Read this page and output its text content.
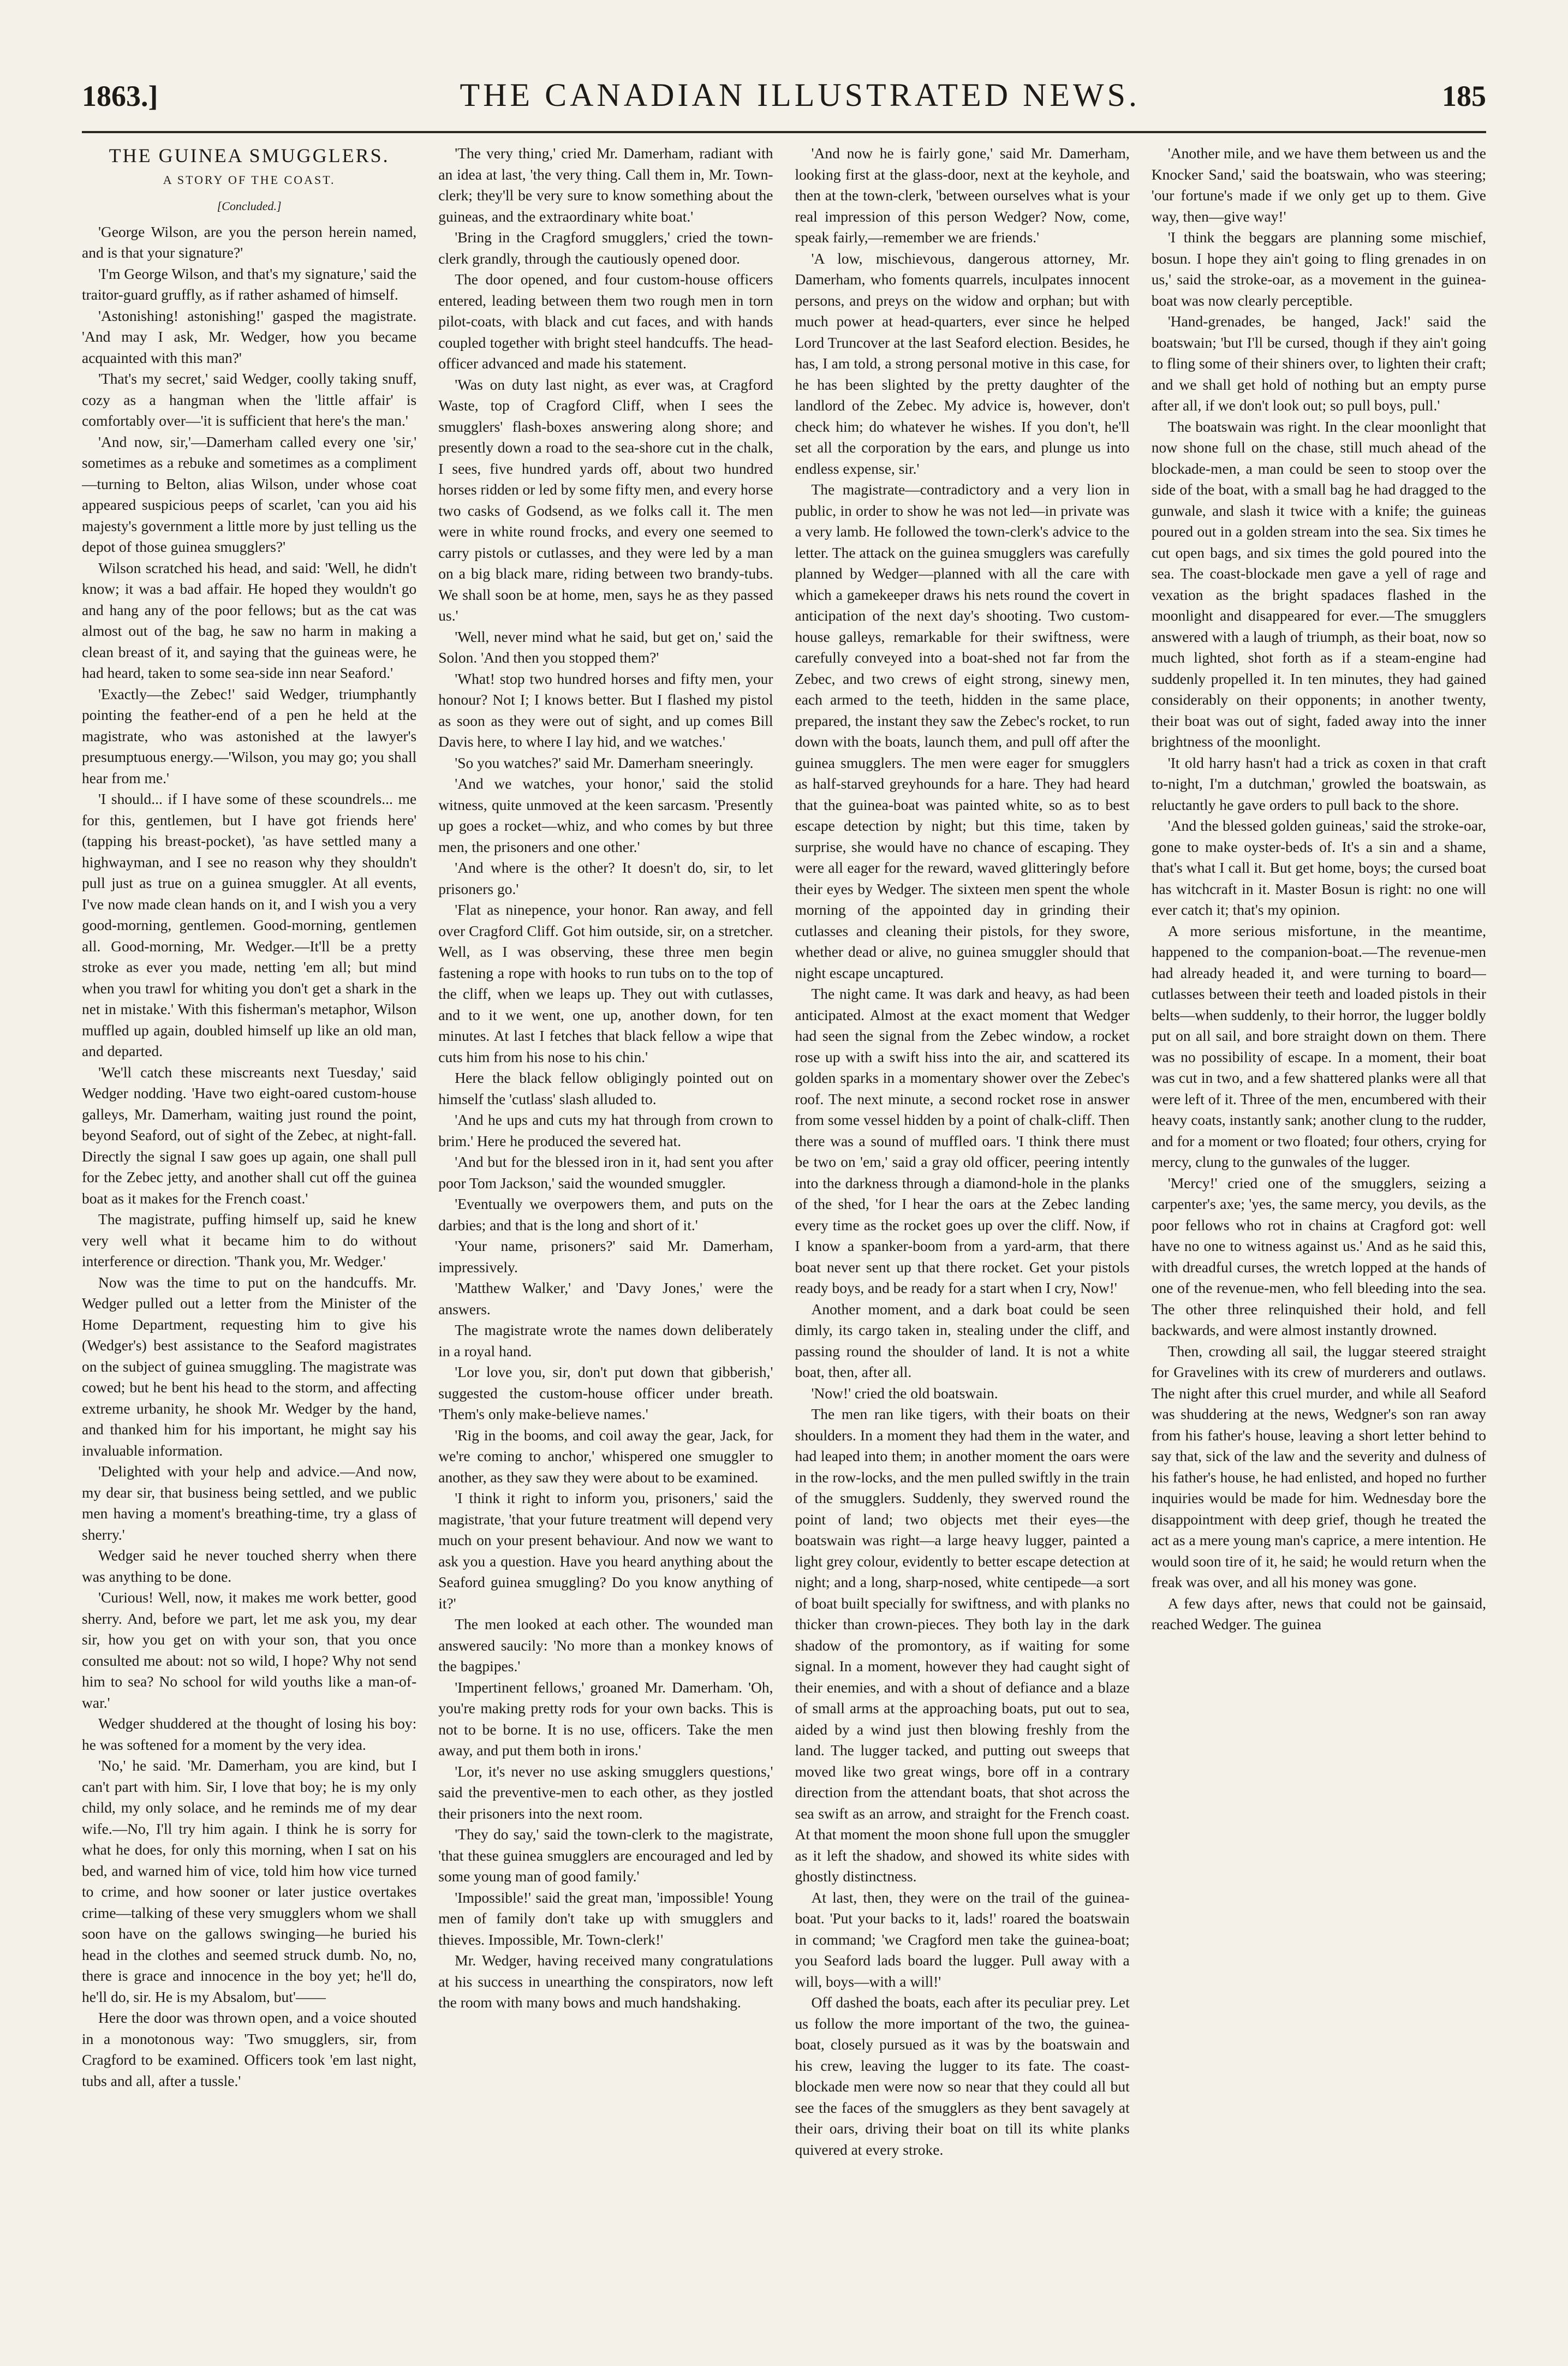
1863.]	THE CANADIAN ILLUSTRATED NEWS.	185
THE GUINEA SMUGGLERS.
A STORY OF THE COAST.
[Concluded.]

'George Wilson, are you the person herein named, and is that your signature?'

'I'm George Wilson, and that's my signature,' said the traitor-guard gruffly, as if rather ashamed of himself.

'Astonishing! astonishing!' gasped the magistrate. 'And may I ask, Mr. Wedger, how you became acquainted with this man?'

'That's my secret,' said Wedger, coolly taking snuff, cozy as a hangman when the 'little affair' is comfortably over—'it is sufficient that here's the man.'

'And now, sir,'—Damerham called every one 'sir,' sometimes as a rebuke and sometimes as a compliment—turning to Belton, alias Wilson, under whose coat appeared suspicious peeps of scarlet, 'can you aid his majesty's government a little more by just telling us the depot of those guinea smugglers?'

Wilson scratched his head, and said: 'Well, he didn't know; it was a bad affair. He hoped they wouldn't go and hang any of the poor fellows; but as the cat was almost out of the bag, he saw no harm in making a clean breast of it, and saying that the guineas were, he had heard, taken to some sea-side inn near Seaford.'

'Exactly—the Zebec!' said Wedger, triumphantly pointing the feather-end of a pen he held at the magistrate, who was astonished at the lawyer's presumptuous energy.—'Wilson, you may go; you shall hear from me.'

'I should... if I have some of these scoundrels... me for this, gentlemen, but I have got friends here' (tapping his breast-pocket), 'as have settled many a highwayman, and I see no reason why they shouldn't pull just as true on a guinea smuggler. At all events, I've now made clean hands on it, and I wish you a very good-morning, gentlemen. Good-morning, gentlemen all. Good-morning, Mr. Wedger.—It'll be a pretty stroke as ever you made, netting 'em all; but mind when you trawl for whiting you don't get a shark in the net in mistake.' With this fisherman's metaphor, Wilson muffled up again, doubled himself up like an old man, and departed.

'We'll catch these miscreants next Tuesday,' said Wedger nodding. 'Have two eight-oared custom-house galleys, Mr. Damerham, waiting just round the point, beyond Seaford, out of sight of the Zebec, at night-fall. Directly the signal I saw goes up again, one shall pull for the Zebec jetty, and another shall cut off the guinea boat as it makes for the French coast.'

The magistrate, puffing himself up, said he knew very well what it became him to do without interference or direction. 'Thank you, Mr. Wedger.'

Now was the time to put on the handcuffs. Mr. Wedger pulled out a letter from the Minister of the Home Department, requesting him to give his (Wedger's) best assistance to the Seaford magistrates on the subject of guinea smuggling. The magistrate was cowed; but he bent his head to the storm, and affecting extreme urbanity, he shook Mr. Wedger by the hand, and thanked him for his important, he might say his invaluable information.

'Delighted with your help and advice.—And now, my dear sir, that business being settled, and we public men having a moment's breathing-time, try a glass of sherry.'

Wedger said he never touched sherry when there was anything to be done.

'Curious! Well, now, it makes me work better, good sherry. And, before we part, let me ask you, my dear sir, how you get on with your son, that you once consulted me about: not so wild, I hope? Why not send him to sea? No school for wild youths like a man-of-war.'

Wedger shuddered at the thought of losing his boy: he was softened for a moment by the very idea.

'No,' he said. 'Mr. Damerham, you are kind, but I can't part with him. Sir, I love that boy; he is my only child, my only solace, and he reminds me of my dear wife.—No, I'll try him again. I think he is sorry for what he does, for only this morning, when I sat on his bed, and warned him of vice, told him how vice turned to crime, and how sooner or later justice overtakes crime—talking of these very smugglers whom we shall soon have on the gallows swinging—he buried his head in the clothes and seemed struck dumb. No, no, there is grace and innocence in the boy yet; he'll do, he'll do, sir. He is my Absalom, but'——

Here the door was thrown open, and a voice shouted in a monotonous way: 'Two smugglers, sir, from Cragford to be examined. Officers took 'em last night, tubs and all, after a tussle.'

'The very thing,' cried Mr. Damerham, radiant with an idea at last, 'the very thing. Call them in, Mr. Town-clerk; they'll be very sure to know something about the guineas, and the extraordinary white boat.'

'Bring in the Cragford smugglers,' cried the town-clerk grandly, through the cautiously opened door.

The door opened, and four custom-house officers entered, leading between them two rough men in torn pilot-coats, with black and cut faces, and with hands coupled together with bright steel handcuffs. The head-officer advanced and made his statement.

'Was on duty last night, as ever was, at Cragford Waste, top of Cragford Cliff, when I sees the smugglers' flash-boxes answering along shore; and presently down a road to the sea-shore cut in the chalk, I sees, five hundred yards off, about two hundred horses ridden or led by some fifty men, and every horse two casks of Godsend, as we folks call it. The men were in white round frocks, and every one seemed to carry pistols or cutlasses, and they were led by a man on a big black mare, riding between two brandy-tubs. We shall soon be at home, men, says he as they passed us.'

'Well, never mind what he said, but get on,' said the Solon. 'And then you stopped them?'

'What! stop two hundred horses and fifty men, your honour? Not I; I knows better. But I flashed my pistol as soon as they were out of sight, and up comes Bill Davis here, to where I lay hid, and we watches.'

'So you watches?' said Mr. Damerham sneeringly.

'And we watches, your honor,' said the stolid witness, quite unmoved at the keen sarcasm. 'Presently up goes a rocket—whiz, and who comes by but three men, the prisoners and one other.'

'And where is the other? It doesn't do, sir, to let prisoners go.'

'Flat as ninepence, your honor. Ran away, and fell over Cragford Cliff. Got him outside, sir, on a stretcher. Well, as I was observing, these three men begin fastening a rope with hooks to run tubs on to the top of the cliff, when we leaps up. They out with cutlasses, and to it we went, one up, another down, for ten minutes. At last I fetches that black fellow a wipe that cuts him from his nose to his chin.'

Here the black fellow obligingly pointed out on himself the 'cutlass' slash alluded to.

'And he ups and cuts my hat through from crown to brim.' Here he produced the severed hat.

'And but for the blessed iron in it, had sent you after poor Tom Jackson,' said the wounded smuggler.

'Eventually we overpowers them, and puts on the darbies; and that is the long and short of it.'

'Your name, prisoners?' said Mr. Damerham, impressively.

'Matthew Walker,' and 'Davy Jones,' were the answers.

The magistrate wrote the names down deliberately in a royal hand.

'Lor love you, sir, don't put down that gibberish,' suggested the custom-house officer under breath. 'Them's only make-believe names.'

'Rig in the booms, and coil away the gear, Jack, for we're coming to anchor,' whispered one smuggler to another, as they saw they were about to be examined.

'I think it right to inform you, prisoners,' said the magistrate, 'that your future treatment will depend very much on your present behaviour. And now we want to ask you a question. Have you heard anything about the Seaford guinea smuggling? Do you know anything of it?'

The men looked at each other. The wounded man answered saucily: 'No more than a monkey knows of the bagpipes.'

'Impertinent fellows,' groaned Mr. Damerham. 'Oh, you're making pretty rods for your own backs. This is not to be borne. It is no use, officers. Take the men away, and put them both in irons.'

'Lor, it's never no use asking smugglers questions,' said the preventive-men to each other, as they jostled their prisoners into the next room.

'They do say,' said the town-clerk to the magistrate, 'that these guinea smugglers are encouraged and led by some young man of good family.'

'Impossible!' said the great man, 'impossible! Young men of family don't take up with smugglers and thieves. Impossible, Mr. Town-clerk!'

Mr. Wedger, having received many congratulations at his success in unearthing the conspirators, now left the room with many bows and much handshaking.

'And now he is fairly gone,' said Mr. Damerham, looking first at the glass-door, next at the keyhole, and then at the town-clerk, 'between ourselves what is your real impression of this person Wedger? Now, come, speak fairly,—remember we are friends.'

'A low, mischievous, dangerous attorney, Mr. Damerham, who foments quarrels, inculpates innocent persons, and preys on the widow and orphan; but with much power at head-quarters, ever since he helped Lord Truncover at the last Seaford election. Besides, he has, I am told, a strong personal motive in this case, for he has been slighted by the pretty daughter of the landlord of the Zebec. My advice is, however, don't check him; do whatever he wishes. If you don't, he'll set all the corporation by the ears, and plunge us into endless expense, sir.'

The magistrate—contradictory and a very lion in public, in order to show he was not led—in private was a very lamb. He followed the town-clerk's advice to the letter. The attack on the guinea smugglers was carefully planned by Wedger—planned with all the care with which a gamekeeper draws his nets round the covert in anticipation of the next day's shooting. Two custom-house galleys, remarkable for their swiftness, were carefully conveyed into a boat-shed not far from the Zebec, and two crews of eight strong, sinewy men, each armed to the teeth, hidden in the same place, prepared, the instant they saw the Zebec's rocket, to run down with the boats, launch them, and pull off after the guinea smugglers. The men were eager for smugglers as half-starved greyhounds for a hare. They had heard that the guinea-boat was painted white, so as to best escape detection by night; but this time, taken by surprise, she would have no chance of escaping. They were all eager for the reward, waved glitteringly before their eyes by Wedger. The sixteen men spent the whole morning of the appointed day in grinding their cutlasses and cleaning their pistols, for they swore, whether dead or alive, no guinea smuggler should that night escape uncaptured.

The night came. It was dark and heavy, as had been anticipated. Almost at the exact moment that Wedger had seen the signal from the Zebec window, a rocket rose up with a swift hiss into the air, and scattered its golden sparks in a momentary shower over the Zebec's roof. The next minute, a second rocket rose in answer from some vessel hidden by a point of chalk-cliff. Then there was a sound of muffled oars. 'I think there must be two on 'em,' said a gray old officer, peering intently into the darkness through a diamond-hole in the planks of the shed, 'for I hear the oars at the Zebec landing every time as the rocket goes up over the cliff. Now, if I know a spanker-boom from a yard-arm, that there boat never sent up that there rocket. Get your pistols ready boys, and be ready for a start when I cry, Now!'

Another moment, and a dark boat could be seen dimly, its cargo taken in, stealing under the cliff, and passing round the shoulder of land. It is not a white boat, then, after all.

'Now!' cried the old boatswain.

The men ran like tigers, with their boats on their shoulders. In a moment they had them in the water, and had leaped into them; in another moment the oars were in the row-locks, and the men pulled swiftly in the train of the smugglers. Suddenly, they swerved round the point of land; two objects met their eyes—the boatswain was right—a large heavy lugger, painted a light grey colour, evidently to better escape detection at night; and a long, sharp-nosed, white centipede—a sort of boat built specially for swiftness, and with planks no thicker than crown-pieces. They both lay in the dark shadow of the promontory, as if waiting for some signal. In a moment, however they had caught sight of their enemies, and with a shout of defiance and a blaze of small arms at the approaching boats, put out to sea, aided by a wind just then blowing freshly from the land. The lugger tacked, and putting out sweeps that moved like two great wings, bore off in a contrary direction from the attendant boats, that shot across the sea swift as an arrow, and straight for the French coast. At that moment the moon shone full upon the smuggler as it left the shadow, and showed its white sides with ghostly distinctness.

At last, then, they were on the trail of the guinea-boat. 'Put your backs to it, lads!' roared the boatswain in command; 'we Cragford men take the guinea-boat; you Seaford lads board the lugger. Pull away with a will, boys—with a will!'

Off dashed the boats, each after its peculiar prey. Let us follow the more important of the two, the guinea-boat, closely pursued as it was by the boatswain and his crew, leaving the lugger to its fate. The coast-blockade men were now so near that they could all but see the faces of the smugglers as they bent savagely at their oars, driving their boat on till its white planks quivered at every stroke.

'Another mile, and we have them between us and the Knocker Sand,' said the boatswain, who was steering; 'our fortune's made if we only get up to them. Give way, then—give way!'

'I think the beggars are planning some mischief, bosun. I hope they ain't going to fling grenades in on us,' said the stroke-oar, as a movement in the guinea-boat was now clearly perceptible.

'Hand-grenades, be hanged, Jack!' said the boatswain; 'but I'll be cursed, though if they ain't going to fling some of their shiners over, to lighten their craft; and we shall get hold of nothing but an empty purse after all, if we don't look out; so pull boys, pull.'

The boatswain was right. In the clear moonlight that now shone full on the chase, still much ahead of the blockade-men, a man could be seen to stoop over the side of the boat, with a small bag he had dragged to the gunwale, and slash it twice with a knife; the guineas poured out in a golden stream into the sea. Six times he cut open bags, and six times the gold poured into the sea. The coast-blockade men gave a yell of rage and vexation as the bright spadaces flashed in the moonlight and disappeared for ever.—The smugglers answered with a laugh of triumph, as their boat, now so much lighted, shot forth as if a steam-engine had suddenly propelled it. In ten minutes, they had gained considerably on their opponents; in another twenty, their boat was out of sight, faded away into the inner brightness of the moonlight.

'It old harry hasn't had a trick as coxen in that craft to-night, I'm a dutchman,' growled the boatswain, as reluctantly he gave orders to pull back to the shore.

'And the blessed golden guineas,' said the stroke-oar, gone to make oyster-beds of. It's a sin and a shame, that's what I call it. But get home, boys; the cursed boat has witchcraft in it. Master Bosun is right: no one will ever catch it; that's my opinion.

A more serious misfortune, in the meantime, happened to the companion-boat.—The revenue-men had already headed it, and were turning to board—cutlasses between their teeth and loaded pistols in their belts—when suddenly, to their horror, the lugger boldly put on all sail, and bore straight down on them. There was no possibility of escape. In a moment, their boat was cut in two, and a few shattered planks were all that were left of it. Three of the men, encumbered with their heavy coats, instantly sank; another clung to the rudder, and for a moment or two floated; four others, crying for mercy, clung to the gunwales of the lugger.

'Mercy!' cried one of the smugglers, seizing a carpenter's axe; 'yes, the same mercy, you devils, as the poor fellows who rot in chains at Cragford got: well have no one to witness against us.' And as he said this, with dreadful curses, the wretch lopped at the hands of one of the revenue-men, who fell bleeding into the sea. The other three relinquished their hold, and fell backwards, and were almost instantly drowned.

Then, crowding all sail, the luggar steered straight for Gravelines with its crew of murderers and outlaws. The night after this cruel murder, and while all Seaford was shuddering at the news, Wedgner's son ran away from his father's house, leaving a short letter behind to say that, sick of the law and the severity and dulness of his father's house, he had enlisted, and hoped no further inquiries would be made for him. Wednesday bore the disappointment with deep grief, though he treated the act as a mere young man's caprice, a mere intention. He would soon tire of it, he said; he would return when the freak was over, and all his money was gone.

A few days after, news that could not be gainsaid, reached Wedger. The guinea
